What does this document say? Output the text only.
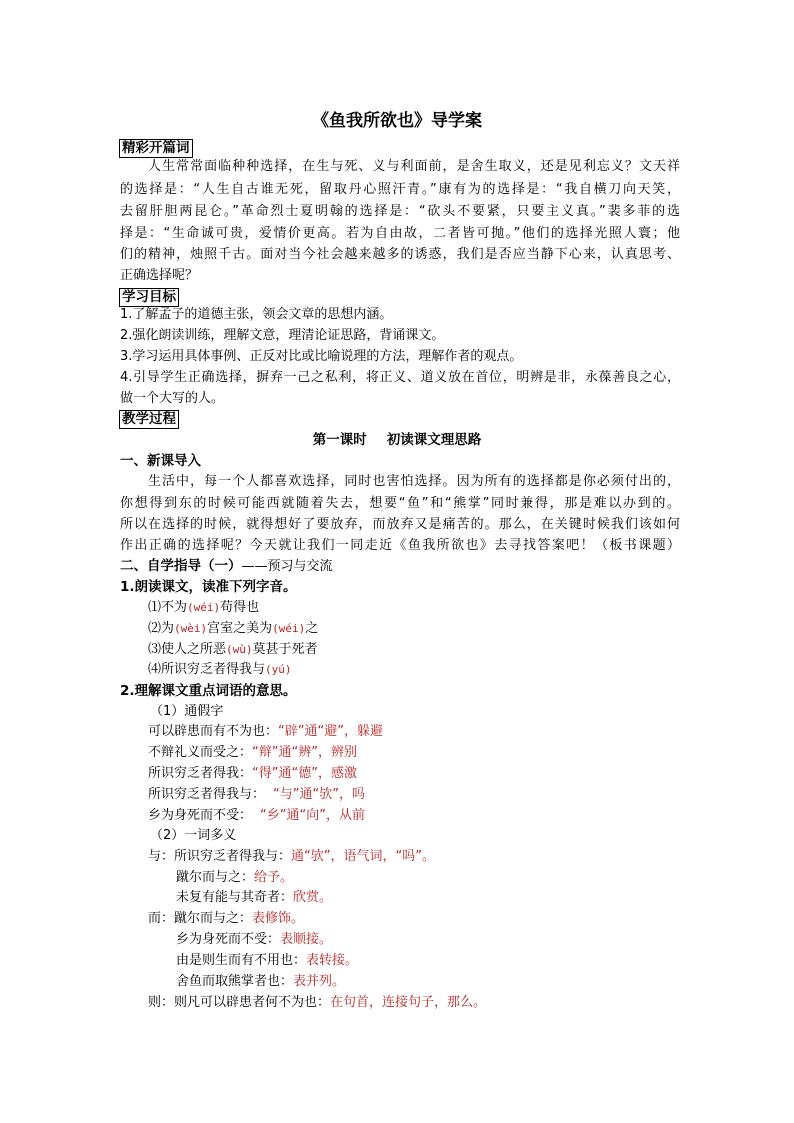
《鱼我所欲也》导学案
精彩开篇词
人生常常面临种种选择，在生与死、义与利面前，是舍生取义，还是见利忘义？文天祥
的选择是：“人生自古谁无死，留取丹心照汗青。”康有为的选择是：“我自横刀向天笑，
去留肝胆两昆仑。”革命烈士夏明翰的选择是：“砍头不要紧，只要主义真。”裴多菲的选
择是：“生命诚可贵，爱情价更高。若为自由故，二者皆可抛。”他们的选择光照人寰；他
们的精神，烛照千古。面对当今社会越来越多的诱惑，我们是否应当静下心来，认真思考、
正确选择呢？
学习目标
1.了解孟子的道德主张，领会文章的思想内涵。
2.强化朗读训练，理解文意，理清论证思路，背诵课文。
3.学习运用具体事例、正反对比或比喻说理的方法，理解作者的观点。
4.引导学生正确选择，摒弃一己之私利，将正义、道义放在首位，明辨是非，永葆善良之心，
做一个大写的人。
教学过程
第一课时 初读课文理思路
一、新课导入
生活中，每一个人都喜欢选择，同时也害怕选择。因为所有的选择都是你必须付出的，
你想得到东的时候可能西就随着失去，想要“鱼”和“熊掌”同时兼得，那是难以办到的。
所以在选择的时候，就得想好了要放弃，而放弃又是痛苦的。那么，在关键时候我们该如何
作出正确的选择呢？今天就让我们一同走近《鱼我所欲也》去寻找答案吧！（板书课题）
二、自学指导（一）——预习与交流
1.朗读课文，读准下列字音。
⑴不为(wéi)苟得也
⑵为(wèi)宫室之美为(wéi)之
⑶使人之所恶(wù)莫甚于死者
⑷所识穷乏者得我与(yú)
2.理解课文重点词语的意思。
（1）通假字
可以辟患而有不为也：“辟”通“避”，躲避
不辩礼义而受之：“辩”通“辨”，辨别
所识穷乏者得我：“得”通“德”，感激
所识穷乏者得我与： “与”通“欤”，吗
乡为身死而不受： “乡”通“向”，从前
（2）一词多义
与：所识穷乏者得我与：通“欤”，语气词，“吗”。
蹴尔而与之：给予。
未复有能与其奇者：欣赏。
而：蹴尔而与之：表修饰。
乡为身死而不受：表顺接。
由是则生而有不用也：表转接。
舍鱼而取熊掌者也：表并列。
则：则凡可以辟患者何不为也：在句首，连接句子，那么。
